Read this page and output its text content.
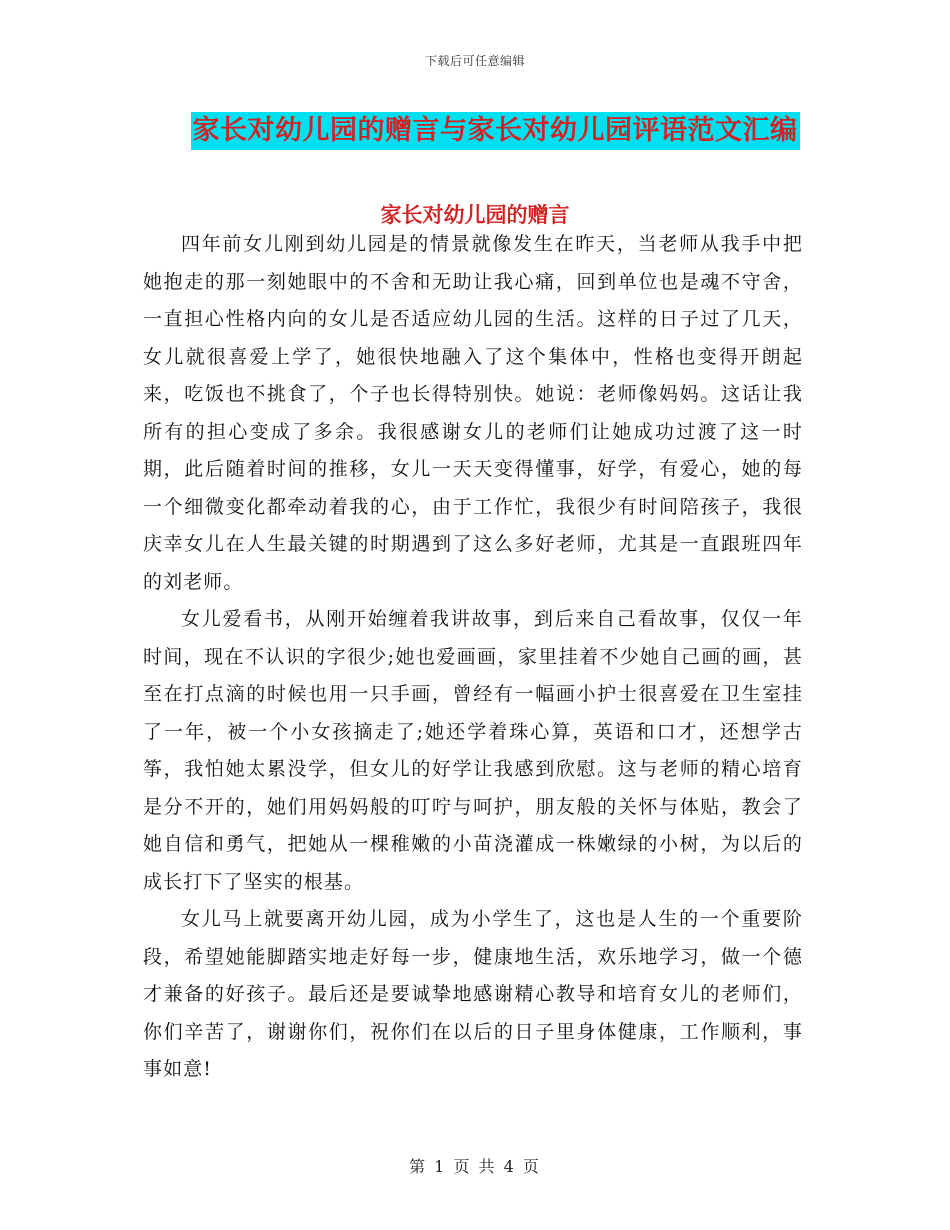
下载后可任意编辑
家长对幼儿园的赠言与家长对幼儿园评语范文汇编
家长对幼儿园的赠言

四年前女儿刚到幼儿园是的情景就像发生在昨天，当老师从我手中把她抱走的那一刻她眼中的不舍和无助让我心痛，回到单位也是魂不守舍，一直担心性格内向的女儿是否适应幼儿园的生活。这样的日子过了几天，女儿就很喜爱上学了，她很快地融入了这个集体中，性格也变得开朗起来，吃饭也不挑食了，个子也长得特别快。她说：老师像妈妈。这话让我所有的担心变成了多余。我很感谢女儿的老师们让她成功过渡了这一时期，此后随着时间的推移，女儿一天天变得懂事，好学，有爱心，她的每一个细微变化都牵动着我的心，由于工作忙，我很少有时间陪孩子，我很庆幸女儿在人生最关键的时期遇到了这么多好老师，尤其是一直跟班四年的刘老师。

女儿爱看书，从刚开始缠着我讲故事，到后来自己看故事，仅仅一年时间，现在不认识的字很少;她也爱画画，家里挂着不少她自己画的画，甚至在打点滴的时候也用一只手画，曾经有一幅画小护士很喜爱在卫生室挂了一年，被一个小女孩摘走了;她还学着珠心算，英语和口才，还想学古筝，我怕她太累没学，但女儿的好学让我感到欣慰。这与老师的精心培育是分不开的，她们用妈妈般的叮咛与呵护，朋友般的关怀与体贴，教会了她自信和勇气，把她从一棵稚嫩的小苗浇灌成一株嫩绿的小树，为以后的成长打下了坚实的根基。

女儿马上就要离开幼儿园，成为小学生了，这也是人生的一个重要阶段，希望她能脚踏实地走好每一步，健康地生活，欢乐地学习，做一个德才兼备的好孩子。最后还是要诚挚地感谢精心教导和培育女儿的老师们，你们辛苦了，谢谢你们，祝你们在以后的日子里身体健康，工作顺利，事事如意!

第 1 页 共 4 页
